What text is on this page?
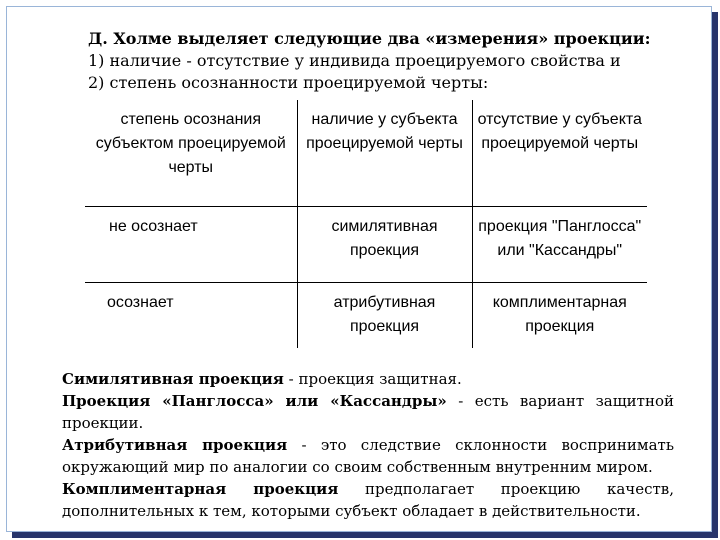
Д. Холме выделяет следующие два «измерения» проекции:
1) наличие - отсутствие у индивида проецируемого свойства и
2) степень осознанности проецируемой черты:
степень осознания субъектом проецируемой черты	наличие у субъекта проецируемой черты	отсутствие у субъекта проецируемой черты
не осознает	симилятивная проекция	проекция "Панглосса" или "Кассандры"
осознает	атрибутивная проекция	комплиментарная проекция

Симилятивная проекция - проекция защитная.

Проекция «Панглосса» или «Кассандры» - есть вариант защитной проекции.

Атрибутивная проекция - это следствие склонности воспринимать окружающий мир по аналогии со своим собственным внутренним миром.

Комплиментарная проекция предполагает проекцию качеств, дополнительных к тем, которыми субъект обладает в действительности.
